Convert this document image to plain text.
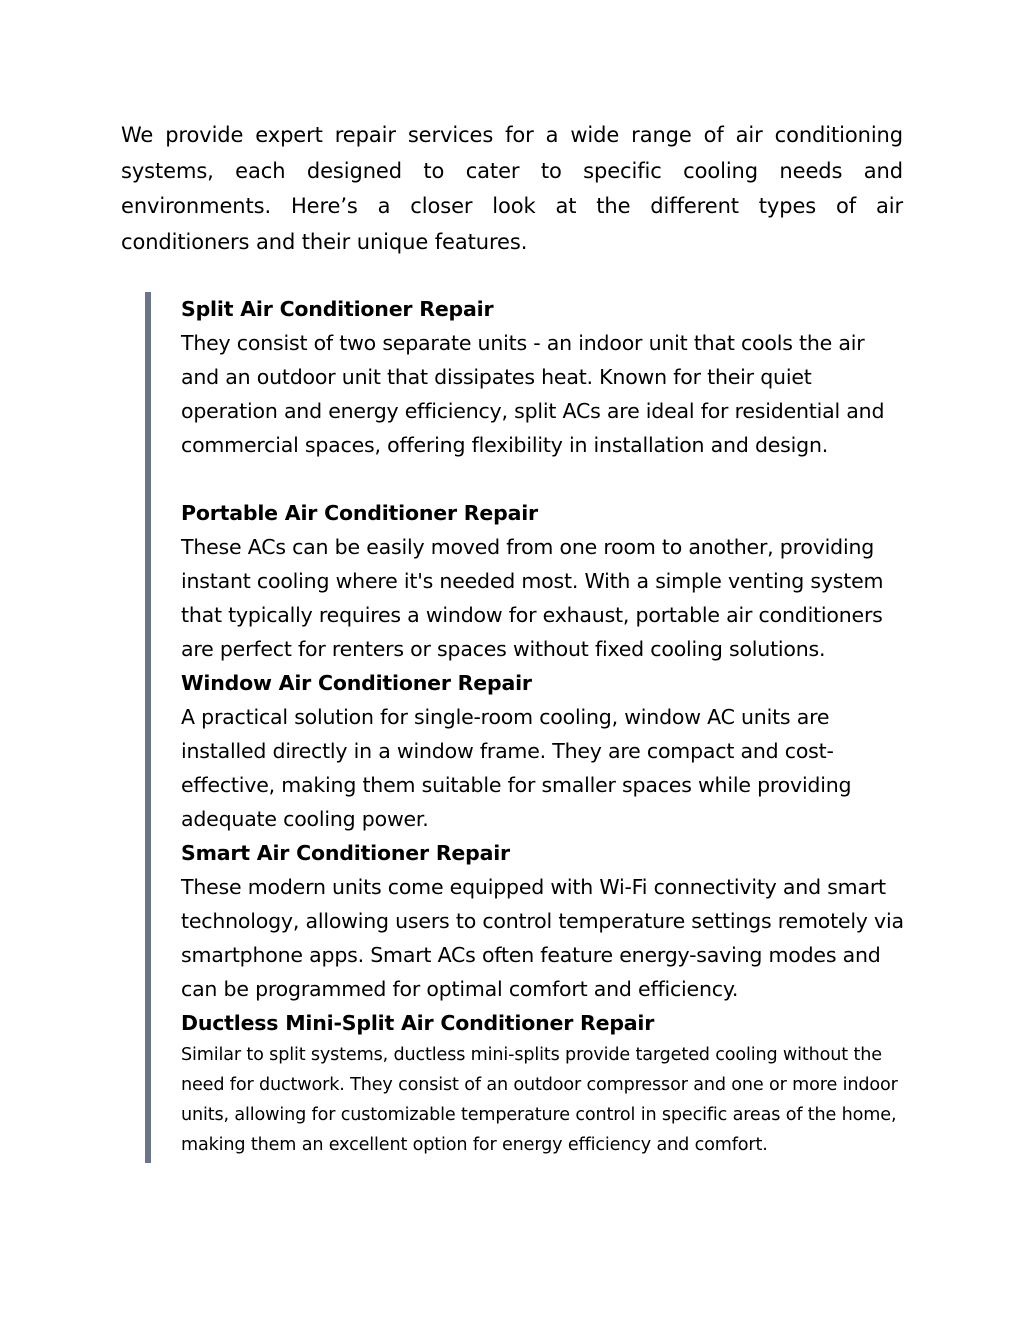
We provide expert repair services for a wide range of air conditioning systems, each designed to cater to specific cooling needs and environments. Here’s a closer look at the different types of air conditioners and their unique features.

Split Air Conditioner Repair

They consist of two separate units - an indoor unit that cools the air and an outdoor unit that dissipates heat. Known for their quiet operation and energy efficiency, split ACs are ideal for residential and commercial spaces, offering flexibility in installation and design.

Portable Air Conditioner Repair

These ACs can be easily moved from one room to another, providing instant cooling where it's needed most. With a simple venting system that typically requires a window for exhaust, portable air conditioners are perfect for renters or spaces without fixed cooling solutions.

Window Air Conditioner Repair

A practical solution for single-room cooling, window AC units are installed directly in a window frame. They are compact and cost-effective, making them suitable for smaller spaces while providing adequate cooling power.

Smart Air Conditioner Repair

These modern units come equipped with Wi-Fi connectivity and smart technology, allowing users to control temperature settings remotely via smartphone apps. Smart ACs often feature energy-saving modes and can be programmed for optimal comfort and efficiency.

Ductless Mini-Split Air Conditioner Repair

Similar to split systems, ductless mini-splits provide targeted cooling without the need for ductwork. They consist of an outdoor compressor and one or more indoor units, allowing for customizable temperature control in specific areas of the home, making them an excellent option for energy efficiency and comfort.
